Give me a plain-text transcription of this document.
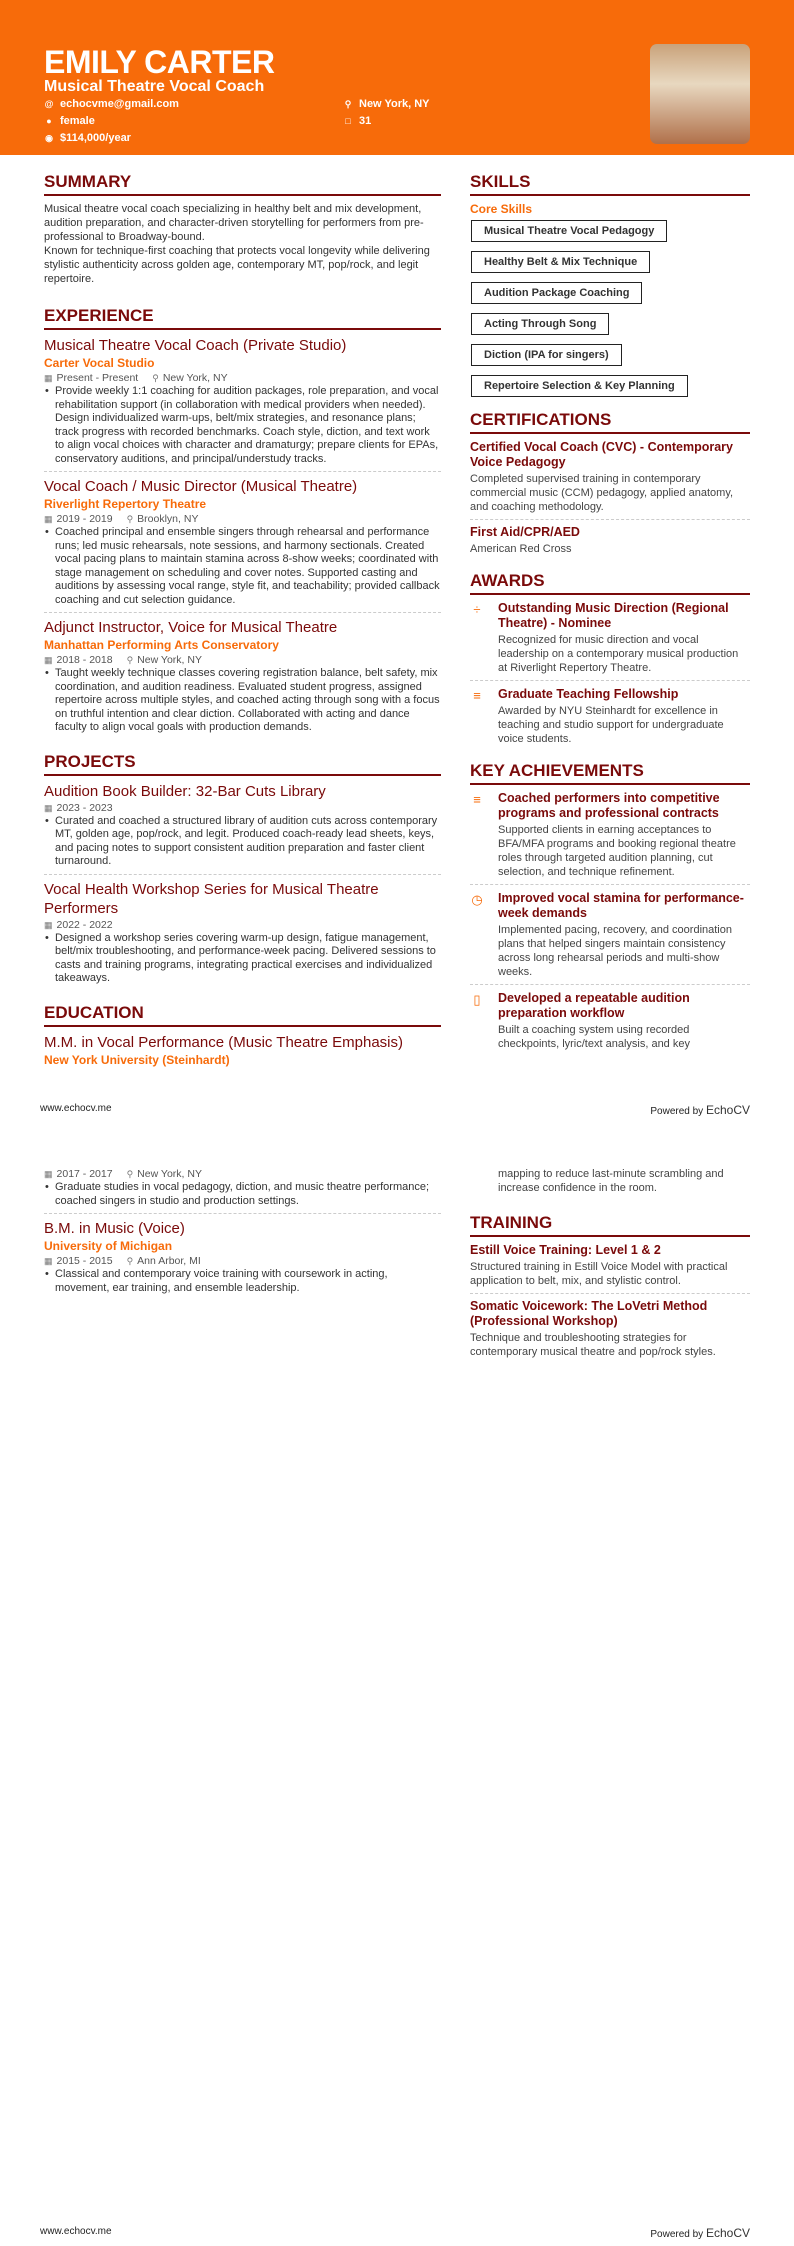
EMILY CARTER
Musical Theatre Vocal Coach
@ echocvme@gmail.com
● female
◉ $114,000/year
⚲ New York, NY
□ 31
SUMMARY

Musical theatre vocal coach specializing in healthy belt and mix development, audition preparation, and character-driven storytelling for performers from pre-professional to Broadway-bound.

Known for technique-first coaching that protects vocal longevity while delivering stylistic authenticity across golden age, contemporary MT, pop/rock, and legit repertoire.

EXPERIENCE
Musical Theatre Vocal Coach (Private Studio)
Carter Vocal Studio
▦ Present - Present ⚲ New York, NY
• Provide weekly 1:1 coaching for audition packages, role preparation, and vocal rehabilitation support (in collaboration with medical providers when needed). Design individualized warm-ups, belt/mix strategies, and resonance plans; track progress with recorded benchmarks. Coach style, diction, and text work to align vocal choices with character and dramaturgy; prepare clients for EPAs, conservatory auditions, and principal/understudy tracks.
Vocal Coach / Music Director (Musical Theatre)
Riverlight Repertory Theatre
▦ 2019 - 2019 ⚲ Brooklyn, NY
• Coached principal and ensemble singers through rehearsal and performance runs; led music rehearsals, note sessions, and harmony sectionals. Created vocal pacing plans to maintain stamina across 8-show weeks; coordinated with stage management on scheduling and cover notes. Supported casting and auditions by assessing vocal range, style fit, and teachability; provided callback coaching and cut selection guidance.
Adjunct Instructor, Voice for Musical Theatre
Manhattan Performing Arts Conservatory
▦ 2018 - 2018 ⚲ New York, NY
• Taught weekly technique classes covering registration balance, belt safety, mix coordination, and audition readiness. Evaluated student progress, assigned repertoire across multiple styles, and coached acting through song with a focus on truthful intention and clear diction. Collaborated with acting and dance faculty to align vocal goals with production demands.
PROJECTS
Audition Book Builder: 32-Bar Cuts Library
▦ 2023 - 2023
• Curated and coached a structured library of audition cuts across contemporary MT, golden age, pop/rock, and legit. Produced coach-ready lead sheets, keys, and pacing notes to support consistent audition preparation and faster client turnaround.
Vocal Health Workshop Series for Musical Theatre Performers
▦ 2022 - 2022
• Designed a workshop series covering warm-up design, fatigue management, belt/mix troubleshooting, and performance-week pacing. Delivered sessions to casts and training programs, integrating practical exercises and individualized takeaways.
EDUCATION
M.M. in Vocal Performance (Music Theatre Emphasis)
New York University (Steinhardt)
SKILLS
Core Skills
Musical Theatre Vocal Pedagogy
Healthy Belt & Mix Technique
Audition Package Coaching
Acting Through Song
Diction (IPA for singers)
Repertoire Selection & Key Planning
CERTIFICATIONS
Certified Vocal Coach (CVC) - Contemporary Voice Pedagogy
Completed supervised training in contemporary commercial music (CCM) pedagogy, applied anatomy, and coaching methodology.
First Aid/CPR/AED
American Red Cross
AWARDS
÷ Outstanding Music Direction (Regional Theatre) - Nominee
Recognized for music direction and vocal leadership on a contemporary musical production at Riverlight Repertory Theatre.
≡ Graduate Teaching Fellowship
Awarded by NYU Steinhardt for excellence in teaching and studio support for undergraduate voice students.
KEY ACHIEVEMENTS
≡ Coached performers into competitive programs and professional contracts
Supported clients in earning acceptances to BFA/MFA programs and booking regional theatre roles through targeted audition planning, cut selection, and technique refinement.
◷ Improved vocal stamina for performance-week demands
Implemented pacing, recovery, and coordination plans that helped singers maintain consistency across long rehearsal periods and multi-show weeks.
▯ Developed a repeatable audition preparation workflow
Built a coaching system using recorded checkpoints, lyric/text analysis, and key
www.echocv.me	Powered by EchoCV
▦ 2017 - 2017 ⚲ New York, NY
• Graduate studies in vocal pedagogy, diction, and music theatre performance; coached singers in studio and production settings.
B.M. in Music (Voice)
University of Michigan
▦ 2015 - 2015 ⚲ Ann Arbor, MI
• Classical and contemporary voice training with coursework in acting, movement, ear training, and ensemble leadership.
mapping to reduce last-minute scrambling and increase confidence in the room.
TRAINING
Estill Voice Training: Level 1 & 2
Structured training in Estill Voice Model with practical application to belt, mix, and stylistic control.
Somatic Voicework: The LoVetri Method (Professional Workshop)
Technique and troubleshooting strategies for contemporary musical theatre and pop/rock styles.
www.echocv.me	Powered by EchoCV
